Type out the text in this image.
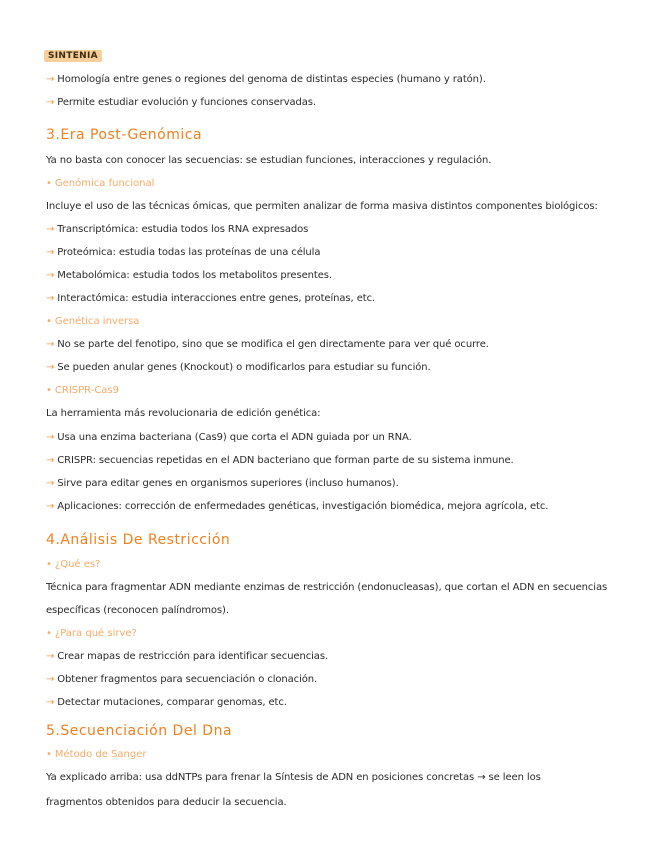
SINTENIA
→ Homología entre genes o regiones del genoma de distintas especies (humano y ratón).
→ Permite estudiar evolución y funciones conservadas.
3.Era Post-Genómica
Ya no basta con conocer las secuencias: se estudian funciones, interacciones y regulación.
• Genómica funcional
Incluye el uso de las técnicas ómicas, que permiten analizar de forma masiva distintos componentes biológicos:
→ Transcriptómica: estudia todos los RNA expresados
→ Proteómica: estudia todas las proteínas de una célula
→ Metabolómica: estudia todos los metabolitos presentes.
→ Interactómica: estudia interacciones entre genes, proteínas, etc.
• Genética inversa
→ No se parte del fenotipo, sino que se modifica el gen directamente para ver qué ocurre.
→ Se pueden anular genes (Knockout) o modificarlos para estudiar su función.
• CRISPR-Cas9
La herramienta más revolucionaria de edición genética:
→ Usa una enzima bacteriana (Cas9) que corta el ADN guiada por un RNA.
→ CRISPR: secuencias repetidas en el ADN bacteriano que forman parte de su sistema inmune.
→ Sirve para editar genes en organismos superiores (incluso humanos).
→ Aplicaciones: corrección de enfermedades genéticas, investigación biomédica, mejora agrícola, etc.
4.Análisis De Restricción
• ¿Qué es?
Técnica para fragmentar ADN mediante enzimas de restricción (endonucleasas), que cortan el ADN en secuencias
específicas (reconocen palíndromos).
• ¿Para qué sirve?
→ Crear mapas de restricción para identificar secuencias.
→ Obtener fragmentos para secuenciación o clonación.
→ Detectar mutaciones, comparar genomas, etc.
5.Secuenciación Del Dna
• Método de Sanger
Ya explicado arriba: usa ddNTPs para frenar la Síntesis de ADN en posiciones concretas → se leen los
fragmentos obtenidos para deducir la secuencia.
